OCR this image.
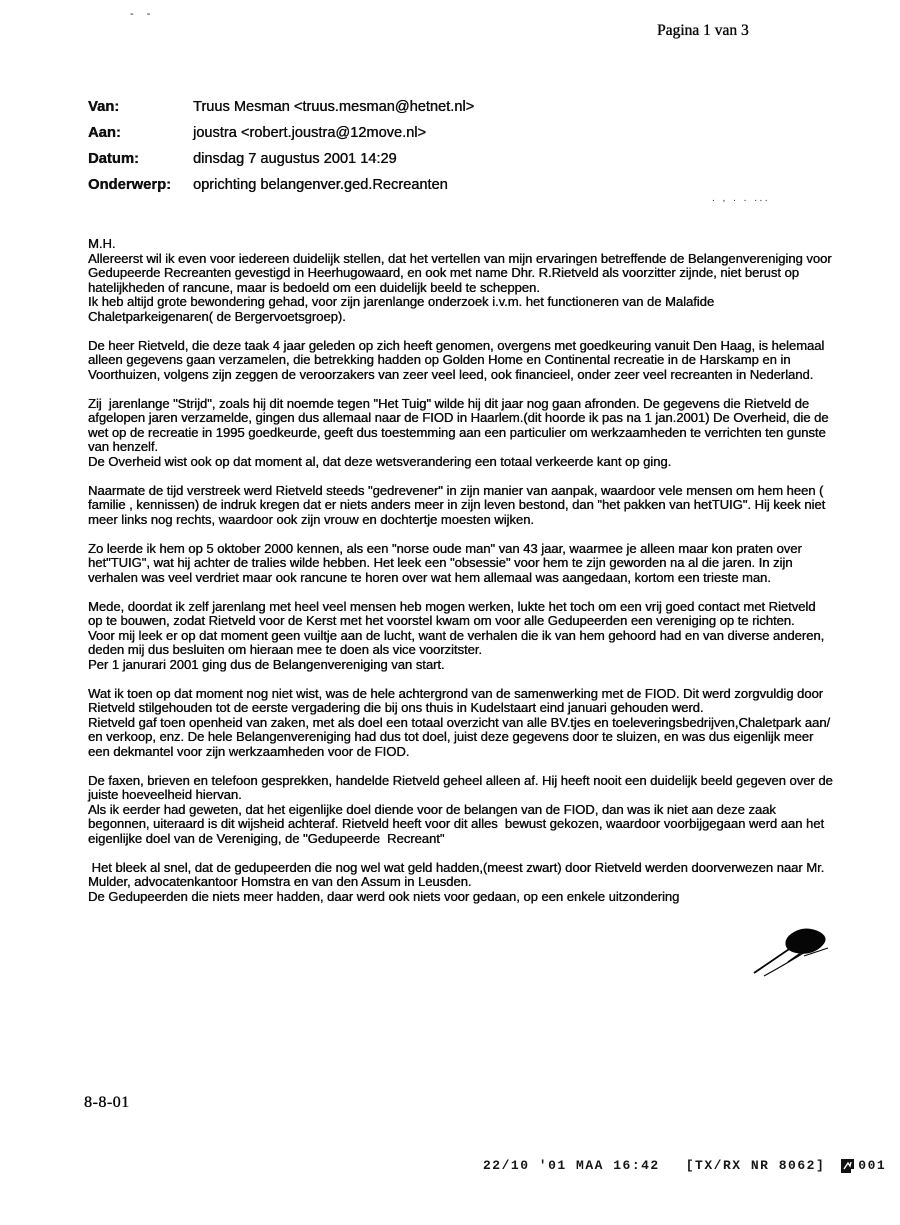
- -
Pagina 1 van 3
Van:	Truus Mesman <truus.mesman@hetnet.nl>
Aan:	joustra <robert.joustra@12move.nl>
Datum:	dinsdag 7 augustus 2001 14:29
Onderwerp:	oprichting belangenver.ged.Recreanten
. , . . ...
M.H.
Allereerst wil ik even voor iedereen duidelijk stellen, dat het vertellen van mijn ervaringen betreffende de Belangenvereniging voor Gedupeerde Recreanten gevestigd in Heerhugowaard, en ook met name Dhr. R.Rietveld als voorzitter zijnde, niet berust op hatelijkheden of rancune, maar is bedoeld om een duidelijk beeld te scheppen.
Ik heb altijd grote bewondering gehad, voor zijn jarenlange onderzoek i.v.m. het functioneren van de Malafide Chaletparkeigenaren( de Bergervoetsgroep).
De heer Rietveld, die deze taak 4 jaar geleden op zich heeft genomen, overgens met goedkeuring vanuit Den Haag, is helemaal alleen gegevens gaan verzamelen, die betrekking hadden op Golden Home en Continental recreatie in de Harskamp en in Voorthuizen, volgens zijn zeggen de veroorzakers van zeer veel leed, ook financieel, onder zeer veel recreanten in Nederland.
Zij  jarenlange "Strijd", zoals hij dit noemde tegen "Het Tuig" wilde hij dit jaar nog gaan afronden. De gegevens die Rietveld de afgelopen jaren verzamelde, gingen dus allemaal naar de FIOD in Haarlem.(dit hoorde ik pas na 1 jan.2001) De Overheid, die de wet op de recreatie in 1995 goedkeurde, geeft dus toestemming aan een particulier om werkzaamheden te verrichten ten gunste van henzelf.
De Overheid wist ook op dat moment al, dat deze wetsverandering een totaal verkeerde kant op ging.
Naarmate de tijd verstreek werd Rietveld steeds "gedrevener" in zijn manier van aanpak, waardoor vele mensen om hem heen ( familie , kennissen) de indruk kregen dat er niets anders meer in zijn leven bestond, dan "het pakken van hetTUIG". Hij keek niet meer links nog rechts, waardoor ook zijn vrouw en dochtertje moesten wijken.
Zo leerde ik hem op 5 oktober 2000 kennen, als een "norse oude man" van 43 jaar, waarmee je alleen maar kon praten over het"TUIG", wat hij achter de tralies wilde hebben. Het leek een "obsessie" voor hem te zijn geworden na al die jaren. In zijn verhalen was veel verdriet maar ook rancune te horen over wat hem allemaal was aangedaan, kortom een trieste man.
Mede, doordat ik zelf jarenlang met heel veel mensen heb mogen werken, lukte het toch om een vrij goed contact met Rietveld op te bouwen, zodat Rietveld voor de Kerst met het voorstel kwam om voor alle Gedupeerden een vereniging op te richten.
Voor mij leek er op dat moment geen vuiltje aan de lucht, want de verhalen die ik van hem gehoord had en van diverse anderen, deden mij dus besluiten om hieraan mee te doen als vice voorzitster.
Per 1 janurari 2001 ging dus de Belangenvereniging van start.
Wat ik toen op dat moment nog niet wist, was de hele achtergrond van de samenwerking met de FIOD. Dit werd zorgvuldig door Rietveld stilgehouden tot de eerste vergadering die bij ons thuis in Kudelstaart eind januari gehouden werd.
Rietveld gaf toen openheid van zaken, met als doel een totaal overzicht van alle BV.tjes en toeleveringsbedrijven,Chaletpark aan/ en verkoop, enz. De hele Belangenvereniging had dus tot doel, juist deze gegevens door te sluizen, en was dus eigenlijk meer een dekmantel voor zijn werkzaamheden voor de FIOD.
De faxen, brieven en telefoon gesprekken, handelde Rietveld geheel alleen af. Hij heeft nooit een duidelijk beeld gegeven over de juiste hoeveelheid hiervan.
Als ik eerder had geweten, dat het eigenlijke doel diende voor de belangen van de FIOD, dan was ik niet aan deze zaak begonnen, uiteraard is dit wijsheid achteraf. Rietveld heeft voor dit alles  bewust gekozen, waardoor voorbijgegaan werd aan het eigenlijke doel van de Vereniging, de "Gedupeerde  Recreant"
Het bleek al snel, dat de gedupeerden die nog wel wat geld hadden,(meest zwart) door Rietveld werden doorverwezen naar Mr. Mulder, advocatenkantoor Homstra en van den Assum in Leusden.
De Gedupeerden die niets meer hadden, daar werd ook niets voor gedaan, op een enkele uitzondering
8-8-01
22/10 '01 MAA 16:42 [TX/RX NR 8062]	001
